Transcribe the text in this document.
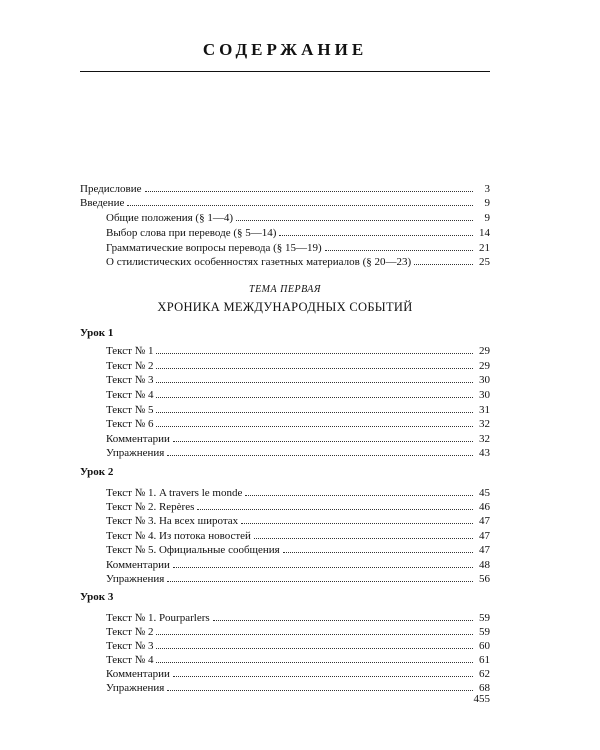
СОДЕРЖАНИЕ
Предисловие	3
Введение	9
Общие положения (§ 1—4)	9
Выбор слова при переводе (§ 5—14)	14
Грамматические вопросы перевода (§ 15—19)	21
О стилистических особенностях газетных материалов (§ 20—23)	25
ТЕМА ПЕРВАЯ
ХРОНИКА МЕЖДУНАРОДНЫХ СОБЫТИЙ
Урок 1
Текст № 1	29
Текст № 2	29
Текст № 3	30
Текст № 4	30
Текст № 5	31
Текст № 6	32
Комментарии	32
Упражнения	43
Урок 2
Текст № 1. A travers le monde	45
Текст № 2. Repères	46
Текст № 3. На всех широтах	47
Текст № 4. Из потока новостей	47
Текст № 5. Официальные сообщения	47
Комментарии	48
Упражнения	56
Урок 3
Текст № 1. Pourparlers	59
Текст № 2	59
Текст № 3	60
Текст № 4	61
Комментарии	62
Упражнения	68
455
